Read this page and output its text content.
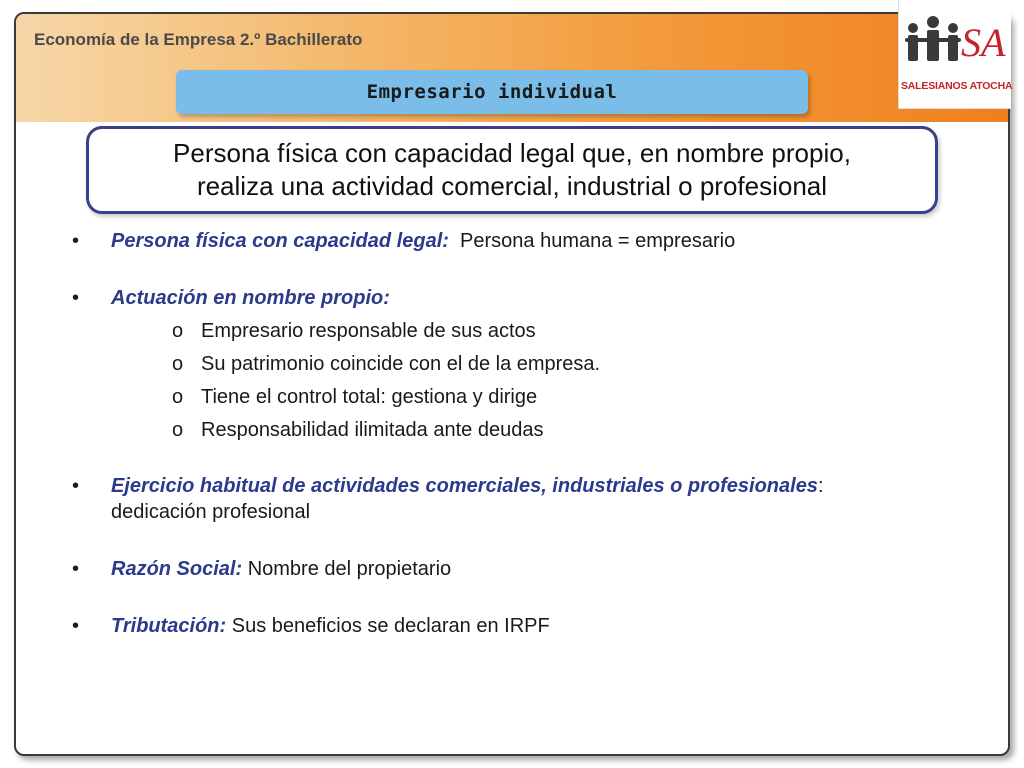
Economía de la Empresa 2.º Bachillerato
Empresario individual
Persona física con capacidad legal que, en nombre propio,
realiza una actividad comercial, industrial o profesional
• Persona física con capacidad legal:  Persona humana = empresario
• Actuación en nombre propio:
o Empresario responsable de sus actos
o Su patrimonio coincide con el de la empresa.
o Tiene el control total: gestiona y dirige
o Responsabilidad ilimitada ante deudas
• Ejercicio habitual de actividades comerciales, industriales o profesionales:
dedicación profesional
• Razón Social: Nombre del propietario
• Tributación: Sus beneficios se declaran en IRPF
SA
SALESIANOS ATOCHA
